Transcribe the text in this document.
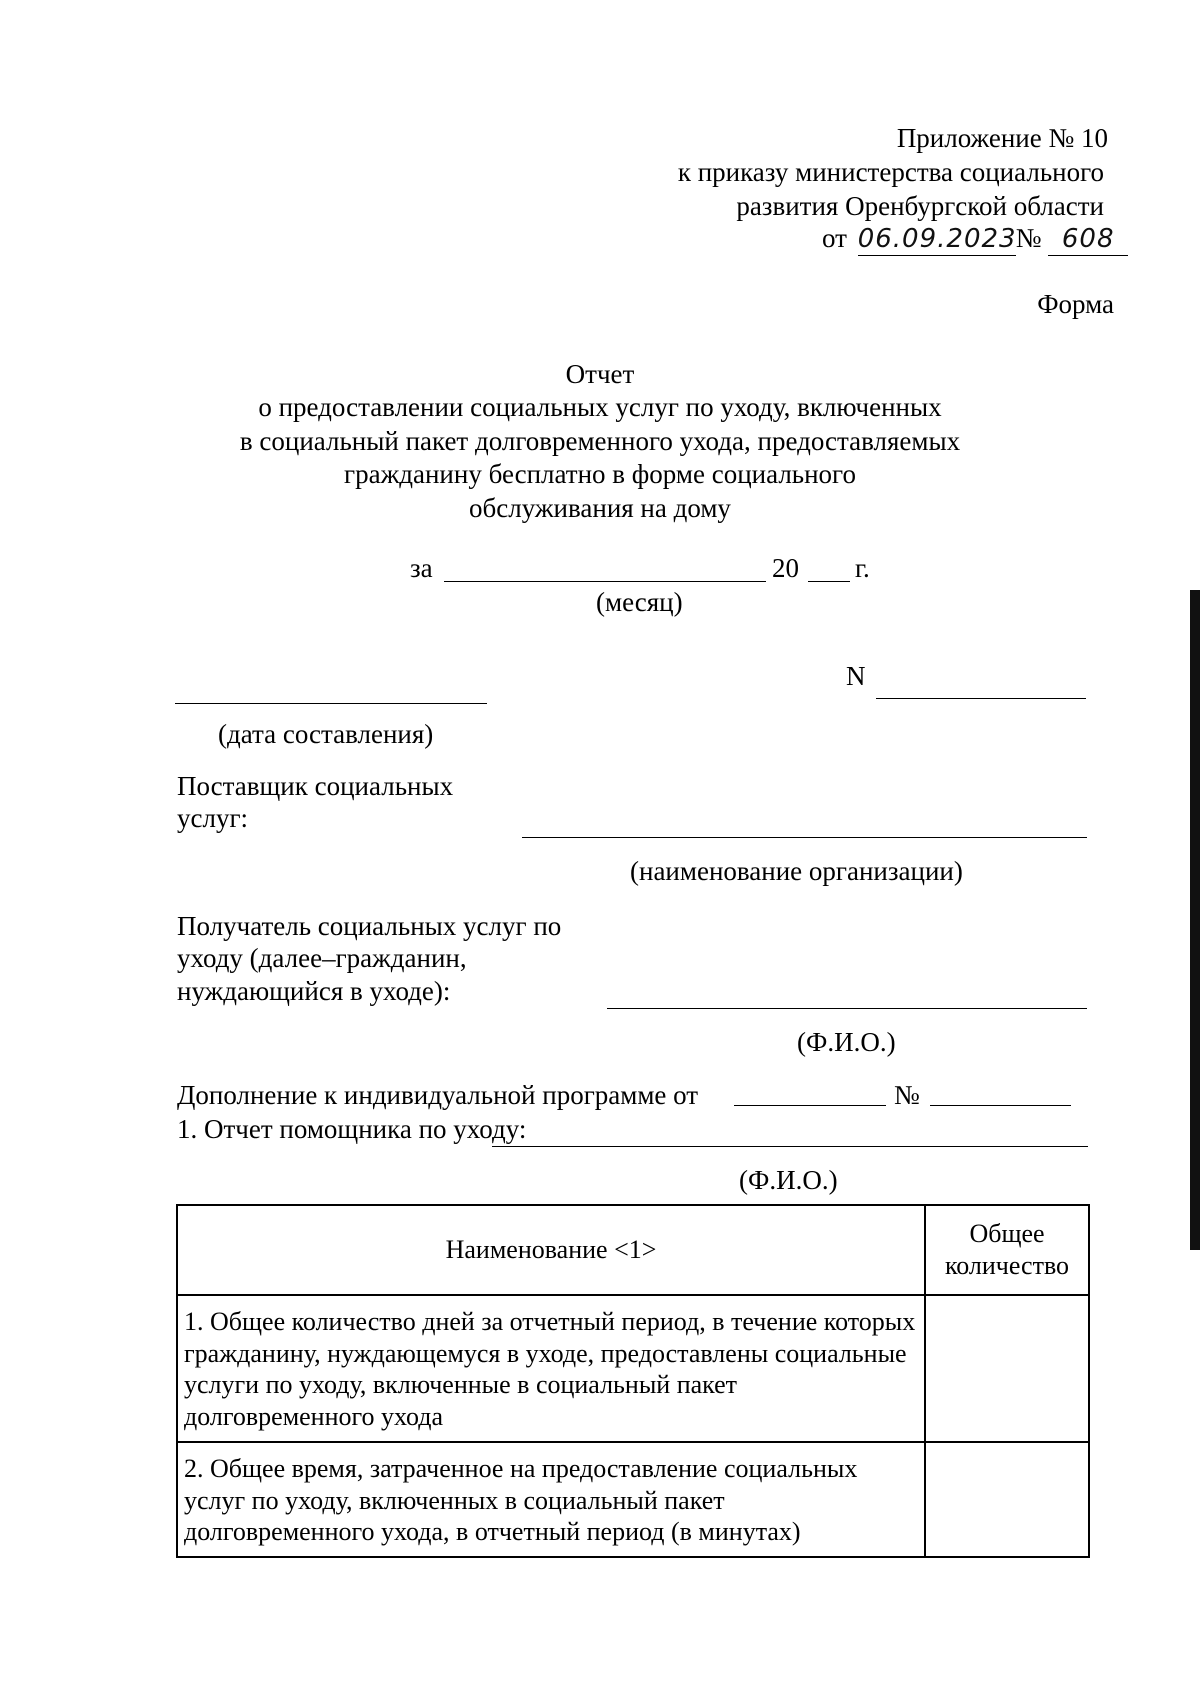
Приложение № 10
к приказу министерства социального
развития Оренбургской области
от 06.09.2023№ 608
Форма
Отчет
о предоставлении социальных услуг по уходу, включенных
в социальный пакет долговременного ухода, предоставляемых
гражданину бесплатно в форме социального
обслуживания на дому
за	20 г.
(месяц)
N
(дата составления)
Поставщик социальных
услуг:
(наименование организации)
Получатель социальных услуг по
уходу (далее–гражданин,
нуждающийся в уходе):
(Ф.И.О.)
Дополнение к индивидуальной программе от	№
1. Отчет помощника по уходу:
(Ф.И.О.)
Наименование <1>	Общее количество
1. Общее количество дней за отчетный период, в течение которых гражданину, нуждающемуся в уходе, предоставлены социальные услуги по уходу, включенные в социальный пакет долговременного ухода	
2. Общее время, затраченное на предоставление социальных услуг по уходу, включенных в социальный пакет долговременного ухода, в отчетный период (в минутах)	
